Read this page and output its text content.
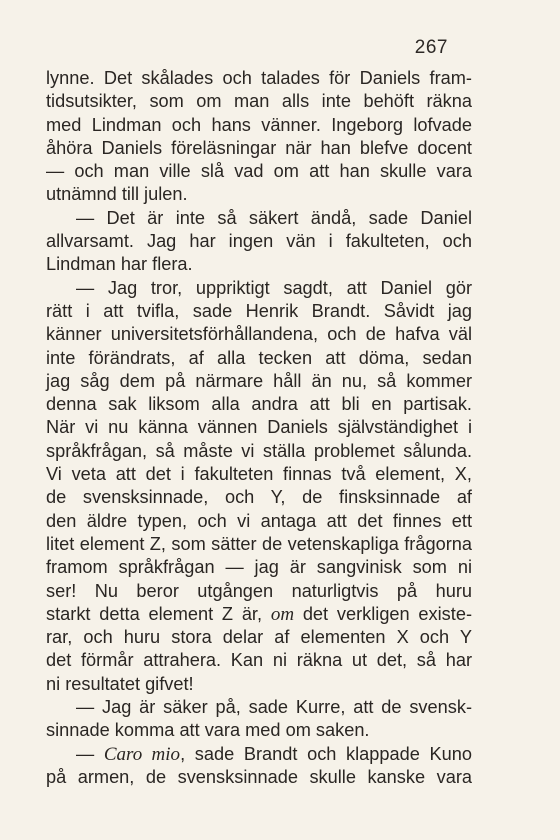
267
lynne. Det skålades och talades för Daniels fram-
tidsutsikter, som om man alls inte behöft räkna
med Lindman och hans vänner. Ingeborg lofvade
åhöra Daniels föreläsningar när han blefve docent
— och man ville slå vad om att han skulle vara
utnämnd till julen.
— Det är inte så säkert ändå, sade Daniel
allvarsamt. Jag har ingen vän i fakulteten, och
Lindman har flera.
— Jag tror, uppriktigt sagdt, att Daniel gör
rätt i att tvifla, sade Henrik Brandt. Såvidt jag
känner universitetsförhållandena, och de hafva väl
inte förändrats, af alla tecken att döma, sedan
jag såg dem på närmare håll än nu, så kommer
denna sak liksom alla andra att bli en partisak.
När vi nu känna vännen Daniels självständighet i
språkfrågan, så måste vi ställa problemet sålunda.
Vi veta att det i fakulteten finnas två element, X,
de svensksinnade, och Y, de finsksinnade af
den äldre typen, och vi antaga att det finnes ett
litet element Z, som sätter de vetenskapliga frågorna
framom språkfrågan — jag är sangvinisk som ni
ser! Nu beror utgången naturligtvis på huru
starkt detta element Z är, om det verkligen existe-
rar, och huru stora delar af elementen X och Y
det förmår attrahera. Kan ni räkna ut det, så har
ni resultatet gifvet!
— Jag är säker på, sade Kurre, att de svensk-
sinnade komma att vara med om saken.
— Caro mio, sade Brandt och klappade Kuno
på armen, de svensksinnade skulle kanske vara
